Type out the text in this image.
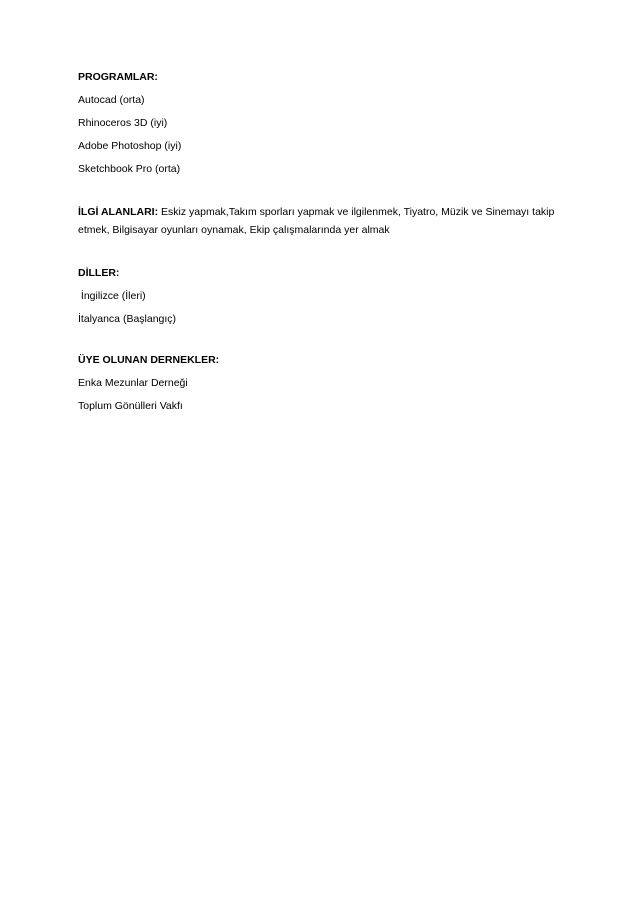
PROGRAMLAR:

Autocad (orta)

Rhinoceros 3D (iyi)

Adobe Photoshop (iyi)

Sketchbook Pro (orta)

İLGİ ALANLARI: Eskiz yapmak,Takım sporları yapmak ve ilgilenmek, Tiyatro, Müzik ve Sinemayı takip etmek, Bilgisayar oyunları oynamak, Ekip çalışmalarında yer almak

DİLLER:

İngilizce (İleri)

İtalyanca (Başlangıç)

ÜYE OLUNAN DERNEKLER:

Enka Mezunlar Derneği

Toplum Gönülleri Vakfı
